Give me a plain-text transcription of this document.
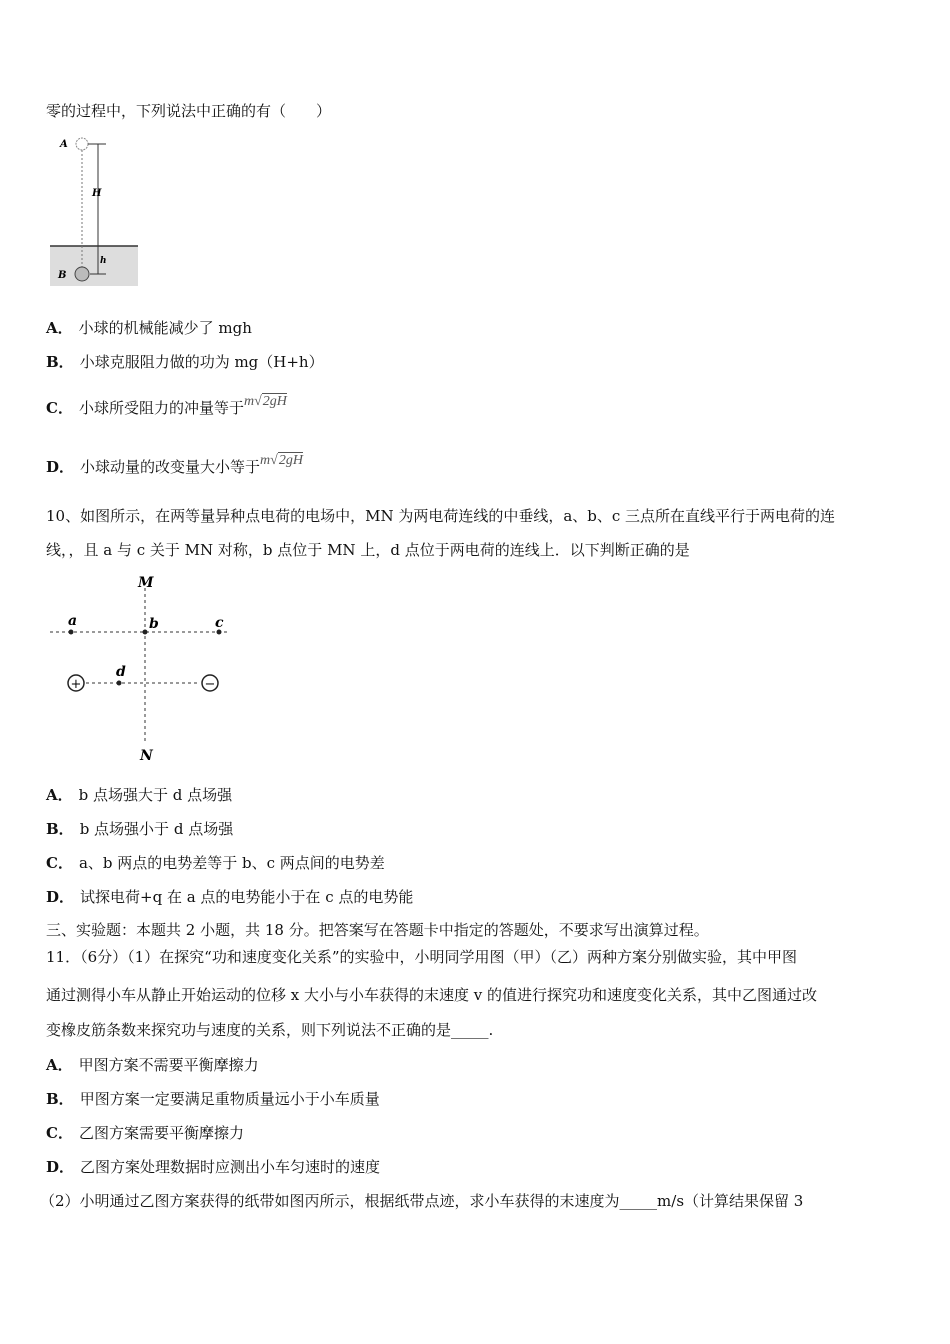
零的过程中，下列说法中正确的有（　　）
A
H
h
B
A． 小球的机械能减少了 mgh
B． 小球克服阻力做的功为 mg（H+h）
C． 小球所受阻力的冲量等于m√2gH
D． 小球动量的改变量大小等于m√2gH
10、如图所示，在两等量异种点电荷的电场中，MN 为两电荷连线的中垂线，a、b、c 三点所在直线平行于两电荷的连
线，，且 a 与 c 关于 MN 对称，b 点位于 MN 上，d 点位于两电荷的连线上．以下判断正确的是
+	−
M
N
a	b	c
d
A． b 点场强大于 d 点场强
B． b 点场强小于 d 点场强
C． a、b 两点的电势差等于 b、c 两点间的电势差
D． 试探电荷+q 在 a 点的电势能小于在 c 点的电势能
三、实验题：本题共 2 小题，共 18 分。把答案写在答题卡中指定的答题处，不要求写出演算过程。
11．（6分）（1）在探究“功和速度变化关系”的实验中，小明同学用图（甲）（乙）两种方案分别做实验，其中甲图
通过测得小车从静止开始运动的位移 x 大小与小车获得的末速度 v 的值进行探究功和速度变化关系，其中乙图通过改
变橡皮筋条数来探究功与速度的关系，则下列说法不正确的是_____.
A． 甲图方案不需要平衡摩擦力
B． 甲图方案一定要满足重物质量远小于小车质量
C． 乙图方案需要平衡摩擦力
D． 乙图方案处理数据时应测出小车匀速时的速度
（2）小明通过乙图方案获得的纸带如图丙所示，根据纸带点迹，求小车获得的末速度为_____m/s（计算结果保留 3
